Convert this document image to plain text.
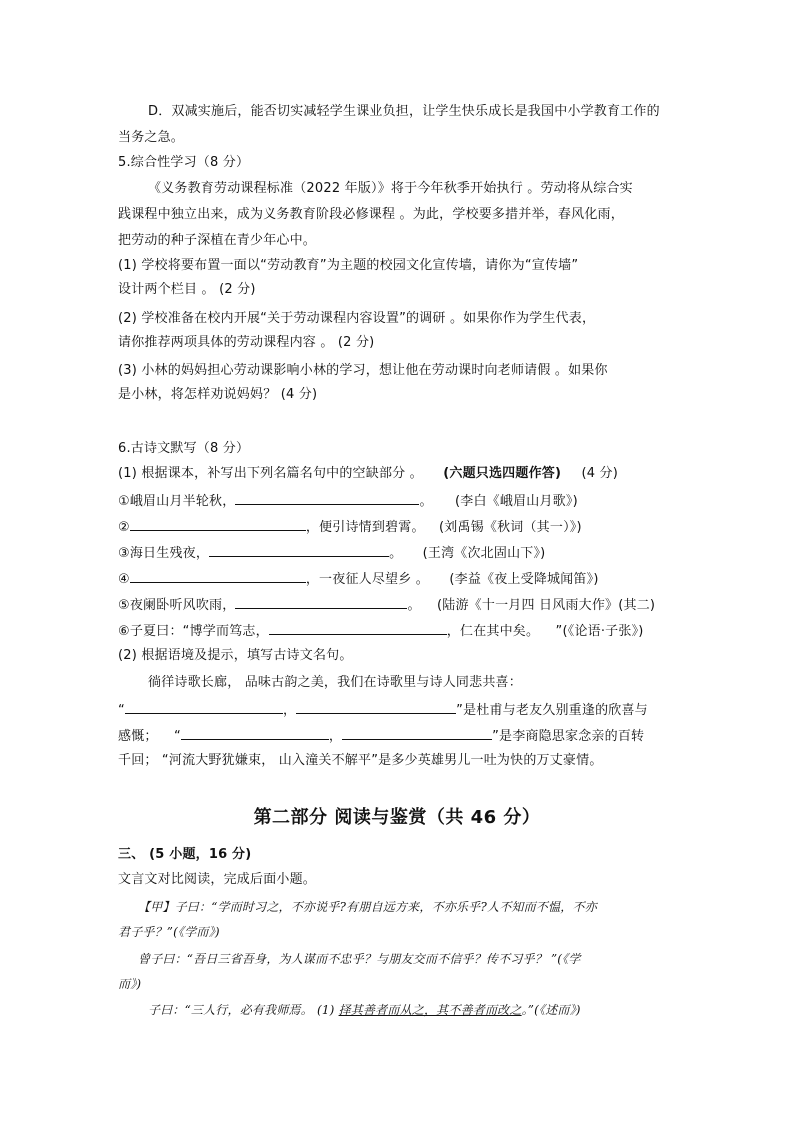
D．双减实施后，能否切实减轻学生课业负担，让学生快乐成长是我国中小学教育工作的
当务之急。
5.综合性学习（8 分）
《义务教育劳动课程标准（2022 年版）》将于今年秋季开始执行 。劳动将从综合实
践课程中独立出来，成为义务教育阶段必修课程 。为此，学校要多措并举，春风化雨，
把劳动的种子深植在青少年心中。
(1) 学校将要布置一面以“劳动教育”为主题的校园文化宣传墙，请你为“宣传墙”
设计两个栏目 。 (2 分)
(2) 学校准备在校内开展“关于劳动课程内容设置”的调研 。如果你作为学生代表，
请你推荐两项具体的劳动课程内容 。 (2 分)
(3) 小林的妈妈担心劳动课影响小林的学习，想让他在劳动课时向老师请假 。如果你
是小林，将怎样劝说妈妈？ (4 分)
6.古诗文默写（8 分）
(1) 根据课本，补写出下列名篇名句中的空缺部分 。 (六题只选四题作答) (4 分)
①峨眉山月半轮秋，	。 (李白《峨眉山月歌》)
②	，便引诗情到碧霄。 (刘禹锡《秋词（其一）》)
③海日生残夜，	。 (王湾《次北固山下》)
④	，一夜征人尽望乡 。 (李益《夜上受降城闻笛》)
⑤夜阑卧听风吹雨，	。 (陆游《十一月四 日风雨大作》(其二)
⑥子夏曰：“博学而笃志，	，仁在其中矣。 ”(《论语·子张》)
(2) 根据语境及提示，填写古诗文名句。
徜徉诗歌长廊， 品味古韵之美，我们在诗歌里与诗人同悲共喜：
“	，	”是杜甫与老友久别重逢的欣喜与
感慨； “	，	”是李商隐思家念亲的百转
千回； “河流大野犹嫌束， 山入潼关不解平”是多少英雄男儿一吐为快的万丈豪情。
第二部分 阅读与鉴赏（共 46 分）
三、 (5 小题，16 分)
文言文对比阅读，完成后面小题。
【甲】子曰：“学而时习之，不亦说乎?有朋自远方来，不亦乐乎?人不知而不愠，不亦
君子乎？”(《学而》)
曾子曰：“吾日三省吾身，为人谋而不忠乎？与朋友交而不信乎？传不习乎？ ”(《学
而》)
子曰：“三人行，必有我师焉。 (1) 择其善者而从之，其不善者而改之。”(《述而》)
